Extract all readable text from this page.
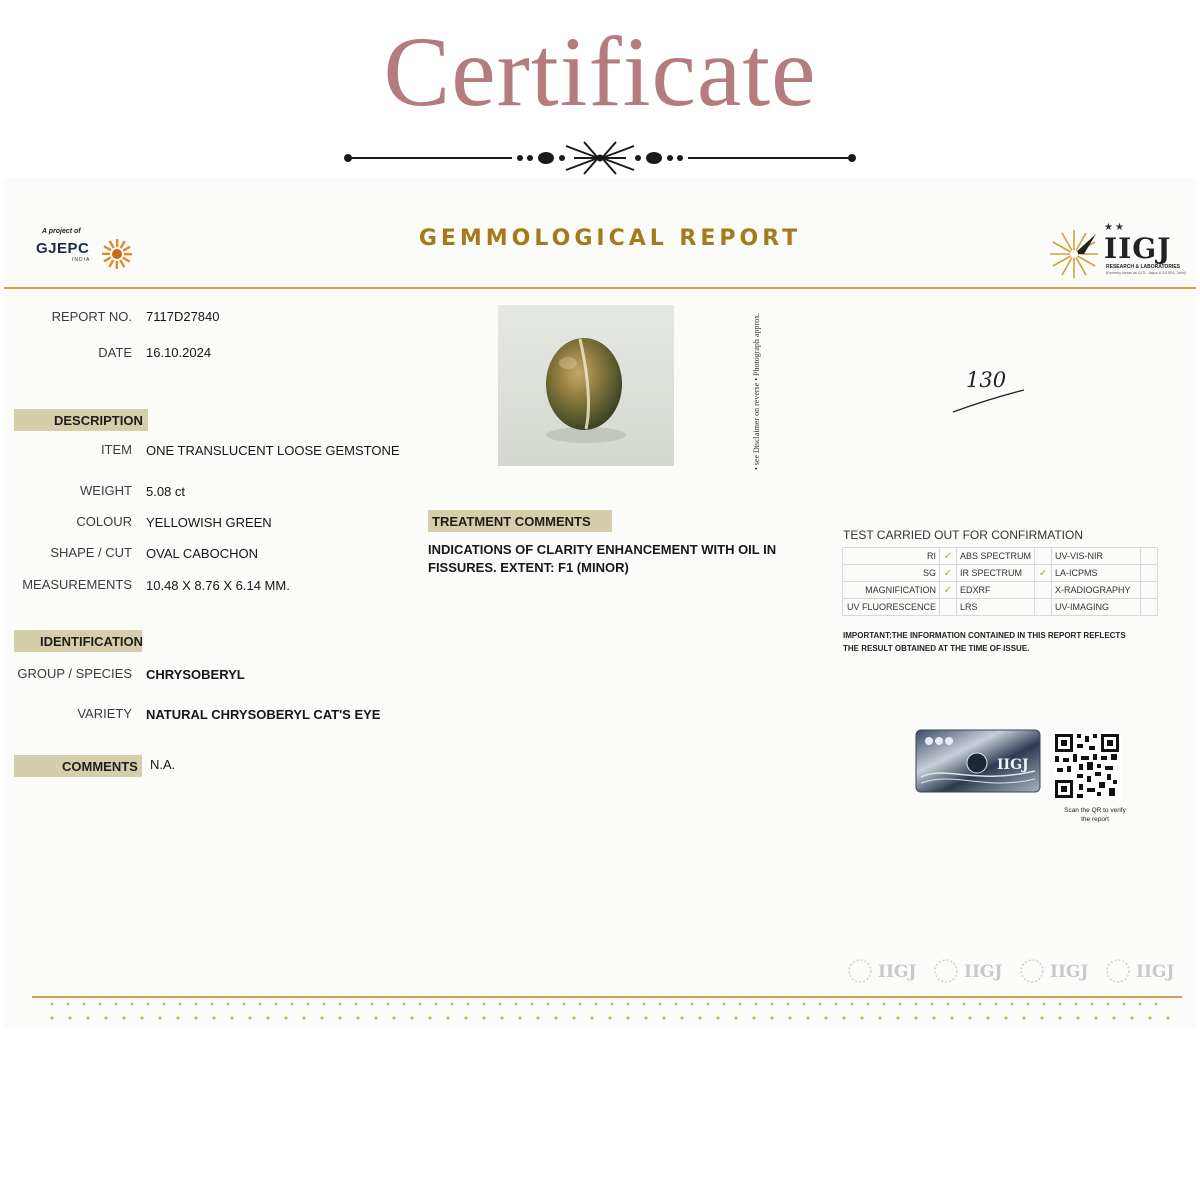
Certificate
A project of
GJEPC
INDIA
GEMMOLOGICAL REPORT	★★
IIGJ
RESEARCH & LABORATORIES
(Formerly known as GJTL, Jaipur & GII-SRL, Delhi)
REPORT NO. 7117D27840
DATE 16.10.2024
DESCRIPTION
ITEM ONE TRANSLUCENT LOOSE GEMSTONE
WEIGHT 5.08 ct
COLOUR YELLOWISH GREEN
SHAPE / CUT OVAL CABOCHON
MEASUREMENTS 10.48 X 8.76 X 6.14 MM.
IDENTIFICATION
GROUP / SPECIES CHRYSOBERYL
VARIETY NATURAL CHRYSOBERYL CAT'S EYE
COMMENTS N.A.
• see Disclaimer on reverse • Photograph approx.	130
TREATMENT COMMENTS
INDICATIONS OF CLARITY ENHANCEMENT WITH OIL IN FISSURES. EXTENT: F1 (MINOR)
TEST CARRIED OUT FOR CONFIRMATION
RI	✓	ABS SPECTRUM		UV-VIS-NIR	
SG	✓	IR SPECTRUM	✓	LA-ICPMS	
MAGNIFICATION	✓	EDXRF		X-RADIOGRAPHY	
UV FLUORESCENCE		LRS		UV-IMAGING	
IMPORTANT:THE INFORMATION CONTAINED IN THIS REPORT REFLECTS THE RESULT OBTAINED AT THE TIME OF ISSUE.
IIGJ
Scan the QR to verify the report
IIGJ	IIGJ	IIGJ	IIGJ
